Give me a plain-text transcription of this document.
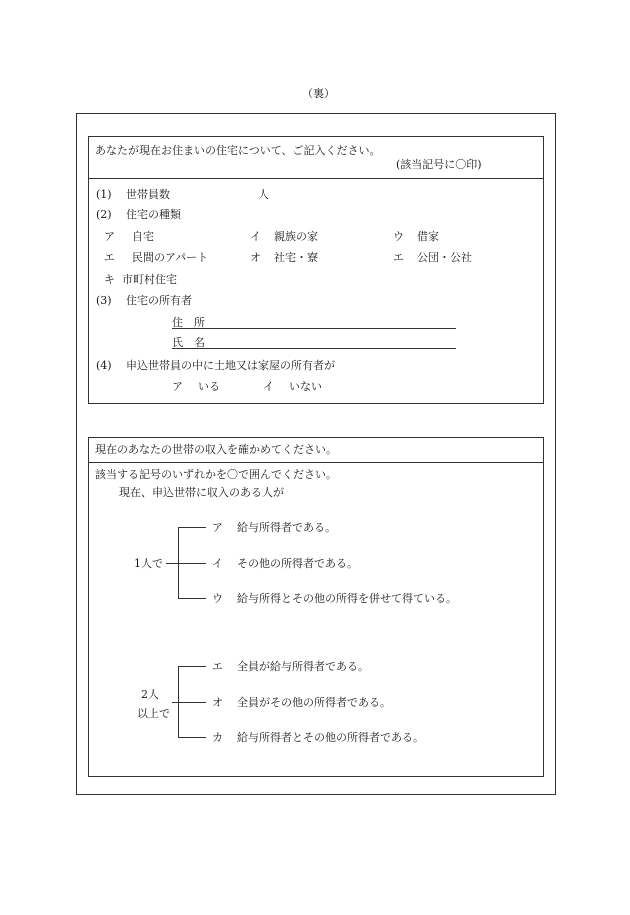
（裏）
あなたが現在お住まいの住宅について、ご記入ください。
(該当記号に〇印)
(1) 世帯員数	人
(2) 住宅の種類
ア 自宅	イ 親族の家	ウ 借家
エ 民間のアパート	オ 社宅・寮	エ 公団・公社
キ 市町村住宅
(3) 住宅の所有者
住　所
氏　名
(4) 申込世帯員の中に土地又は家屋の所有者が
ア いる	イ いない
現在のあなたの世帯の収入を確かめてください。
該当する記号のいずれかを〇で囲んでください。
現在、申込世帯に収入のある人が
1人で
ア 給与所得者である。
イ その他の所得者である。
ウ 給与所得とその他の所得を併せて得ている。
2人
以上で
エ 全員が給与所得者である。
オ 全員がその他の所得者である。
カ 給与所得者とその他の所得者である。
